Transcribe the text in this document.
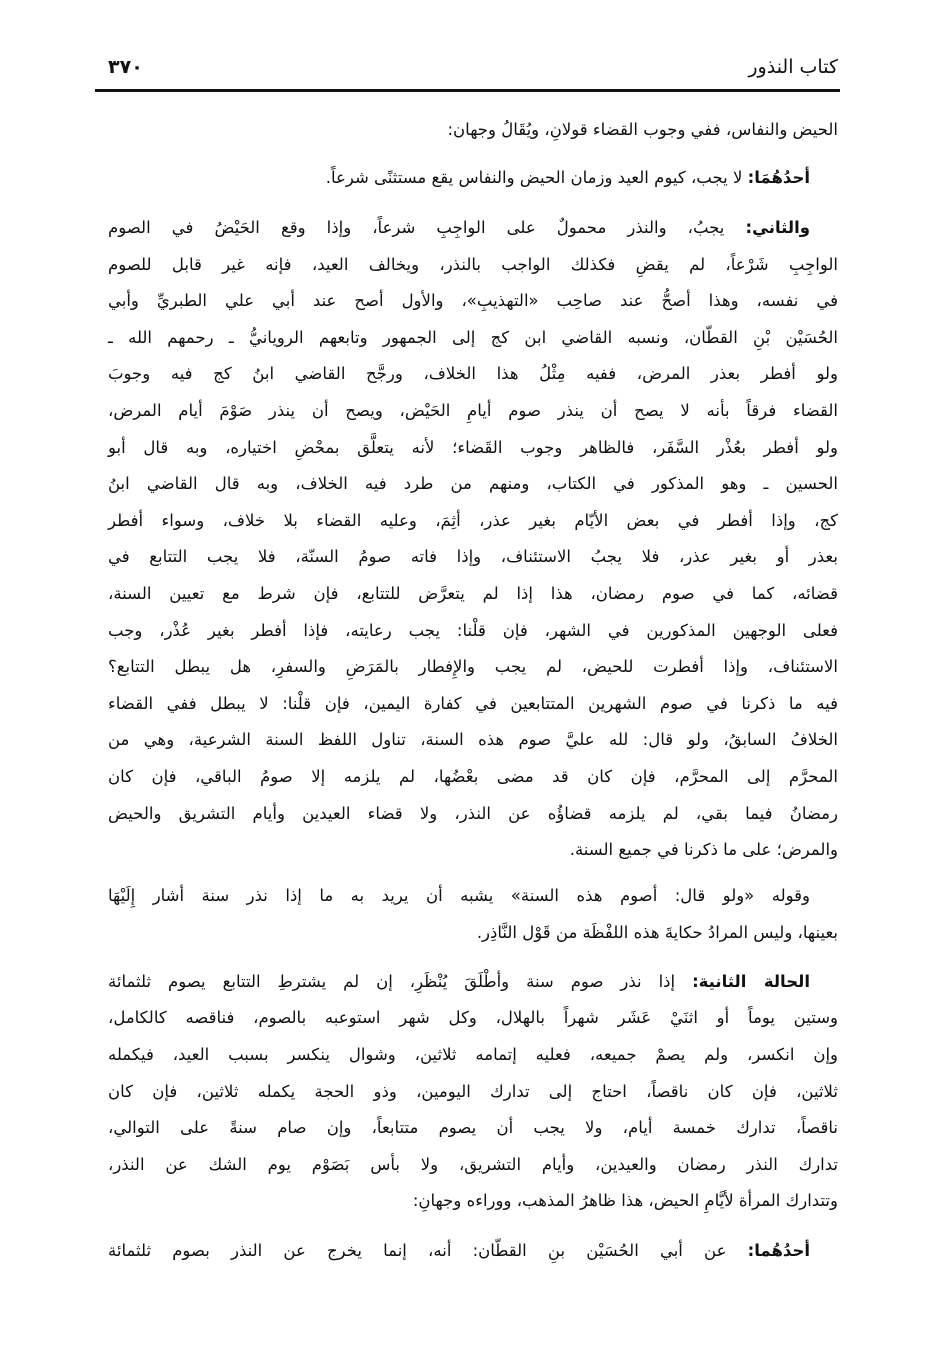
كتاب النذور
٣٧٠
الحيض والنفاس، ففي وجوب القضاء قولانِ، ويُقَالُ وجهان:
أحدُهُمَا: لا يجب، كيوم العيد وزمان الحيض والنفاس يقع مستثنًى شرعاً.
والثاني: يجبُ، والنذر محمولٌ على الواجِبِ شرعاً، وإذا وقع الحَيْضُ في الصوم
الواجِبِ شَرْعاً، لم يقضِ فكذلك الواجب بالنذر، ويخالف العيد، فإنه غير قابل للصوم
في نفسه، وهذا أصحُّ عند صاحِب «التهذيبِ»، والأول أصح عند أبي علي الطبريِّ وأبي
الحُسَيْن بْنِ القطّان، ونسبه القاضي ابن كج إلى الجمهور وتابعهم الرويانيُّ ـ رحمهم الله ـ
ولو أفطر بعذر المرض، ففيه مِثْلُ هذا الخلاف، ورجَّح القاضي ابنُ كج فيه وجوبَ
القضاء فرقاً بأنه لا يصح أن ينذر صوم أيامِ الحَيْض، ويصح أن ينذر صَوْمَ أيام المرض،
ولو أفطر بعُذْر السَّفَر، فالظاهر وجوب القَضاء؛ لأنه يتعلَّق بمحْضِ اختياره، وبه قال أبو
الحسين ـ وهو المذكور في الكتاب، ومنهم من طرد فيه الخلاف، وبه قال القاضي ابنُ
كج، وإذا أفطر في بعض الأيّام بغير عذر، أثِمَ، وعليه القضاء بلا خلاف، وسواء أفطر
بعذر أو بغير عذر، فلا يجبُ الاستئناف، وإذا فاته صومُ السنّة، فلا يجب التتابع في
قضائه، كما في صوم رمضان، هذا إذا لم يتعرَّض للتتابع، فإن شرط مع تعيين السنة،
فعلى الوجهين المذكورين في الشهر، فإن قلْنا: يجب رعايته، فإذا أفطر بغير عُذْر، وجب
الاستئناف، وإذا أفطرت للحيض، لم يجب والإِفطار بالمَرَضِ والسفرِ، هل يبطل التتابع؟
فيه ما ذكرنا في صوم الشهرين المتتابعين في كفارة اليمين، فإن قلْنا: لا يبطل ففي القضاء
الخلافُ السابقُ، ولو قال: لله عليَّ صوم هذه السنة، تناول اللفظ السنة الشرعية، وهي من
المحرَّم إلى المحرَّم، فإن كان قد مضى بعْضُها، لم يلزمه إلا صومُ الباقي، فإن كان
رمضانُ فيما بقي، لم يلزمه قضاؤُه عن النذر، ولا قضاء العيدين وأيام التشريق والحيض
والمرض؛ على ما ذكرنا في جميع السنة.
وقوله «ولو قال: أصوم هذه السنة» يشبه أن يريد به ما إذا نذر سنة أشار إِلَيْهَا
بعينها، وليس المرادُ حكايةَ هذه اللفْظَة من قَوْل النَّاذِر.
الحالة الثانية: إذا نذر صوم سنة وأطْلَقَ يُنْظَرِ، إن لم يشترطِ التتابع يصوم ثلثمائة
وستين يوماً أو اثنَيْ عَشَر شهراً بالهلال، وكل شهر استوعبه بالصوم، فناقصه كالكامل،
وإن انكسر، ولم يصمْ جميعه، فعليه إتمامه ثلاثين، وشوال ينكسر بسبب العيد، فيكمله
ثلاثين، فإن كان ناقصاً، احتاج إلى تدارك اليومين، وذو الحجة يكمله ثلاثين، فإن كان
ناقصاً، تدارك خمسة أيام، ولا يجب أن يصوم متتابعاً، وإن صام سنةً على التوالي،
تدارك النذر رمضان والعيدين، وأيام التشريق، ولا بأس بَصَوْم يوم الشك عن النذر،
وتتدارك المرأة لأيَّامِ الحيض، هذا ظاهرُ المذهب، ووراءه وجهانِ:
أحدُهُما: عن أبي الحُسَيْن بنِ القطّان: أنه، إنما يخرج عن النذر بصوم ثلثمائة
